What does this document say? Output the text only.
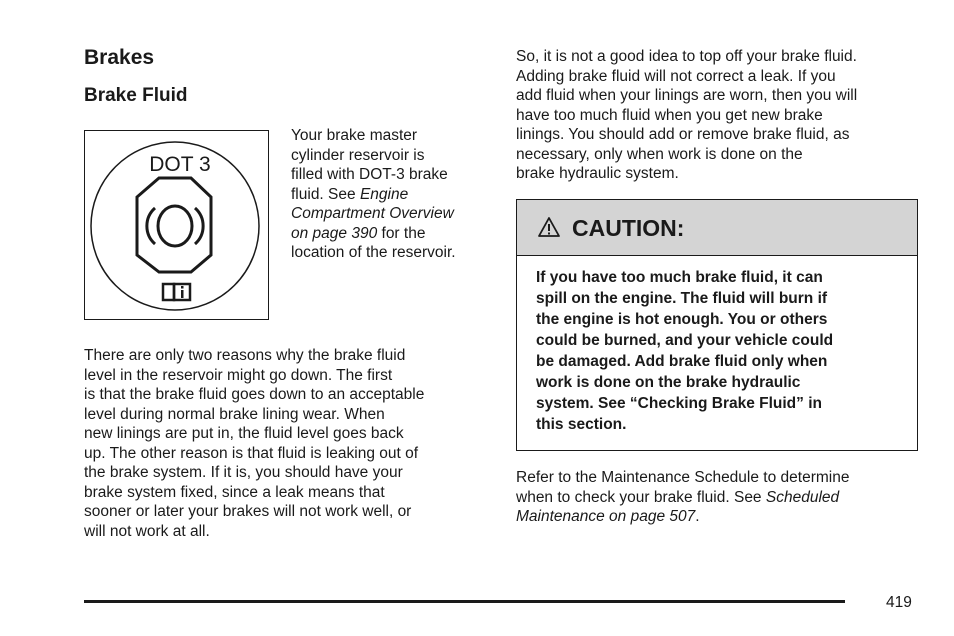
Brakes
Brake Fluid
DOT 3
Your brake master
cylinder reservoir is
filled with DOT-3 brake
fluid. See Engine
Compartment Overview
on page 390 for the
location of the reservoir.
There are only two reasons why the brake fluid
level in the reservoir might go down. The first
is that the brake fluid goes down to an acceptable
level during normal brake lining wear. When
new linings are put in, the fluid level goes back
up. The other reason is that fluid is leaking out of
the brake system. If it is, you should have your
brake system fixed, since a leak means that
sooner or later your brakes will not work well, or
will not work at all.
So, it is not a good idea to top off your brake fluid.
Adding brake fluid will not correct a leak. If you
add fluid when your linings are worn, then you will
have too much fluid when you get new brake
linings. You should add or remove brake fluid, as
necessary, only when work is done on the
brake hydraulic system.
CAUTION:
If you have too much brake fluid, it can
spill on the engine. The fluid will burn if
the engine is hot enough. You or others
could be burned, and your vehicle could
be damaged. Add brake fluid only when
work is done on the brake hydraulic
system. See “Checking Brake Fluid” in
this section.
Refer to the Maintenance Schedule to determine
when to check your brake fluid. See Scheduled
Maintenance on page 507.
419
